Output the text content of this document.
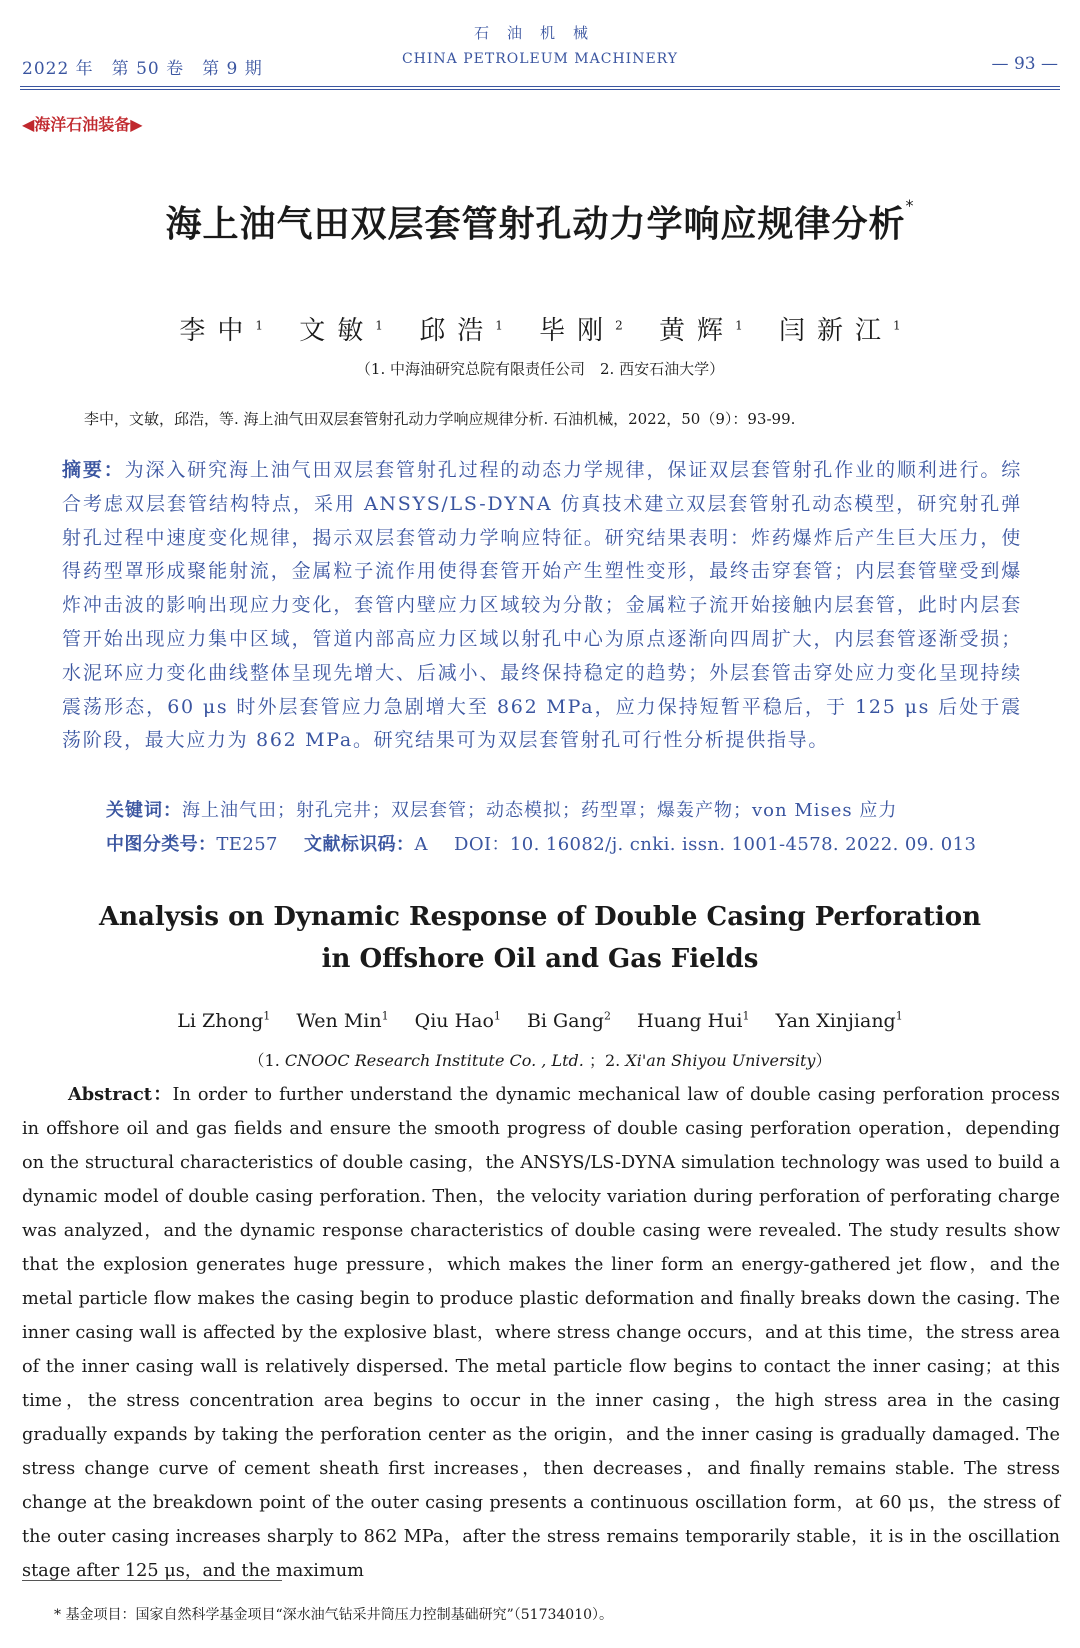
2022 年　第 50 卷　第 9 期
石油机械
CHINA PETROLEUM MACHINERY	— 93 —
◀海洋石油装备▶
海上油气田双层套管射孔动力学响应规律分析*
李中$^1$ 文敏$^1$ 邱浩$^1$ 毕刚$^2$ 黄辉$^1$ 闫新江$^1$
（1. 中海油研究总院有限责任公司　2. 西安石油大学）
李中，文敏，邱浩，等. 海上油气田双层套管射孔动力学响应规律分析. 石油机械，2022，50（9）：93-99.
摘要：为深入研究海上油气田双层套管射孔过程的动态力学规律，保证双层套管射孔作业的顺利进行。综合考虑双层套管结构特点，采用 ANSYS/LS-DYNA 仿真技术建立双层套管射孔动态模型，研究射孔弹射孔过程中速度变化规律，揭示双层套管动力学响应特征。研究结果表明：炸药爆炸后产生巨大压力，使得药型罩形成聚能射流，金属粒子流作用使得套管开始产生塑性变形，最终击穿套管；内层套管壁受到爆炸冲击波的影响出现应力变化，套管内壁应力区域较为分散；金属粒子流开始接触内层套管，此时内层套管开始出现应力集中区域，管道内部高应力区域以射孔中心为原点逐渐向四周扩大，内层套管逐渐受损；水泥环应力变化曲线整体呈现先增大、后减小、最终保持稳定的趋势；外层套管击穿处应力变化呈现持续震荡形态，60 μs 时外层套管应力急剧增大至 862 MPa，应力保持短暂平稳后，于 125 μs 后处于震荡阶段，最大应力为 862 MPa。研究结果可为双层套管射孔可行性分析提供指导。
关键词：海上油气田；射孔完井；双层套管；动态模拟；药型罩；爆轰产物；von Mises 应力
中图分类号：TE257 文献标识码：A DOI：10. 16082/j. cnki. issn. 1001-4578. 2022. 09. 013
Analysis on Dynamic Response of Double Casing Perforation
in Offshore Oil and Gas Fields
Li Zhong$^1$ Wen Min$^1$ Qiu Hao$^1$ Bi Gang$^2$ Huang Hui$^1$ Yan Xinjiang$^1$
（1. CNOOC Research Institute Co. , Ltd. ；2. Xi'an Shiyou University）
Abstract：In order to further understand the dynamic mechanical law of double casing perforation process in offshore oil and gas fields and ensure the smooth progress of double casing perforation operation，depending on the structural characteristics of double casing，the ANSYS/LS-DYNA simulation technology was used to build a dynamic model of double casing perforation. Then，the velocity variation during perforation of perforating charge was analyzed，and the dynamic response characteristics of double casing were revealed. The study results show that the explosion generates huge pressure，which makes the liner form an energy-gathered jet flow，and the metal particle flow makes the casing begin to produce plastic deformation and finally breaks down the casing. The inner casing wall is affected by the explosive blast，where stress change occurs，and at this time，the stress area of the inner casing wall is relatively dispersed. The metal particle flow begins to contact the inner casing；at this time，the stress concentration area begins to occur in the inner casing，the high stress area in the casing gradually expands by taking the perforation center as the origin，and the inner casing is gradually damaged. The stress change curve of cement sheath first increases，then decreases，and finally remains stable. The stress change at the breakdown point of the outer casing presents a continuous oscillation form，at 60 μs，the stress of the outer casing increases sharply to 862 MPa，after the stress remains temporarily stable，it is in the oscillation stage after 125 μs，and the maximum
* 基金项目：国家自然科学基金项目“深水油气钻采井筒压力控制基础研究”（51734010）。
